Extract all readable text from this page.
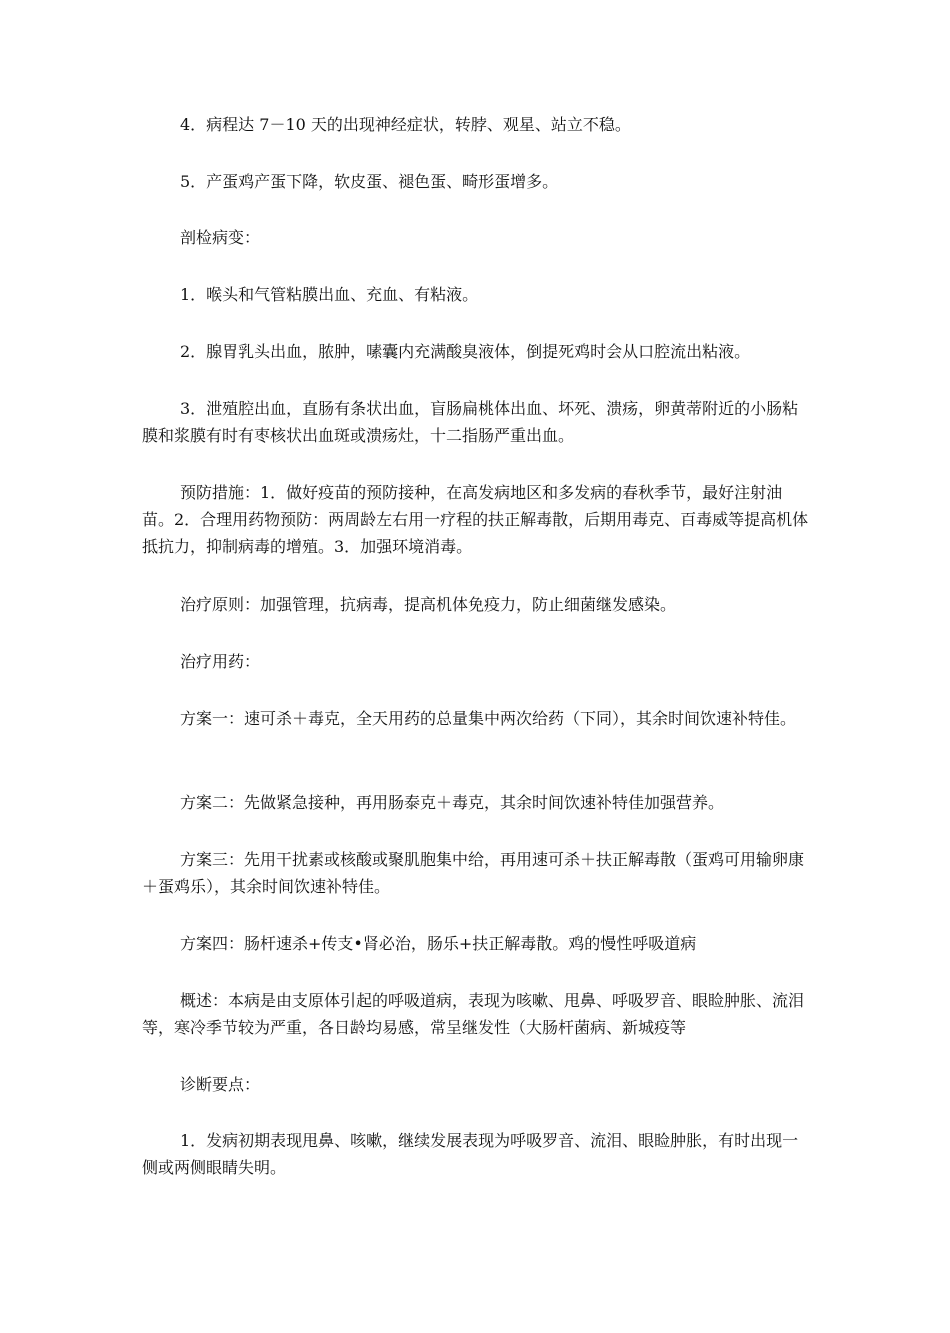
4．病程达 7－10 天的出现神经症状，转脖、观星、站立不稳。

5．产蛋鸡产蛋下降，软皮蛋、褪色蛋、畸形蛋增多。

剖检病变：

1．喉头和气管粘膜出血、充血、有粘液。

2．腺胃乳头出血，脓肿，嗉囊内充满酸臭液体，倒提死鸡时会从口腔流出粘液。

3．泄殖腔出血，直肠有条状出血，盲肠扁桃体出血、坏死、溃疡，卵黄蒂附近的小肠粘膜和浆膜有时有枣核状出血斑或溃疡灶，十二指肠严重出血。

预防措施：1．做好疫苗的预防接种，在高发病地区和多发病的春秋季节，最好注射油苗。2．合理用药物预防：两周龄左右用一疗程的扶正解毒散，后期用毒克、百毒威等提高机体抵抗力，抑制病毒的增殖。3．加强环境消毒。

治疗原则：加强管理，抗病毒，提高机体免疫力，防止细菌继发感染。

治疗用药：

方案一：速可杀＋毒克，全天用药的总量集中两次给药（下同），其余时间饮速补特佳。

方案二：先做紧急接种，再用肠泰克＋毒克，其余时间饮速补特佳加强营养。

方案三：先用干扰素或核酸或聚肌胞集中给，再用速可杀＋扶正解毒散（蛋鸡可用输卵康＋蛋鸡乐），其余时间饮速补特佳。

方案四：肠杆速杀+传支•肾必治，肠乐+扶正解毒散。鸡的慢性呼吸道病

概述：本病是由支原体引起的呼吸道病，表现为咳嗽、甩鼻、呼吸罗音、眼睑肿胀、流泪等，寒冷季节较为严重，各日龄均易感，常呈继发性（大肠杆菌病、新城疫等

诊断要点：

1．发病初期表现甩鼻、咳嗽，继续发展表现为呼吸罗音、流泪、眼睑肿胀，有时出现一侧或两侧眼睛失明。
